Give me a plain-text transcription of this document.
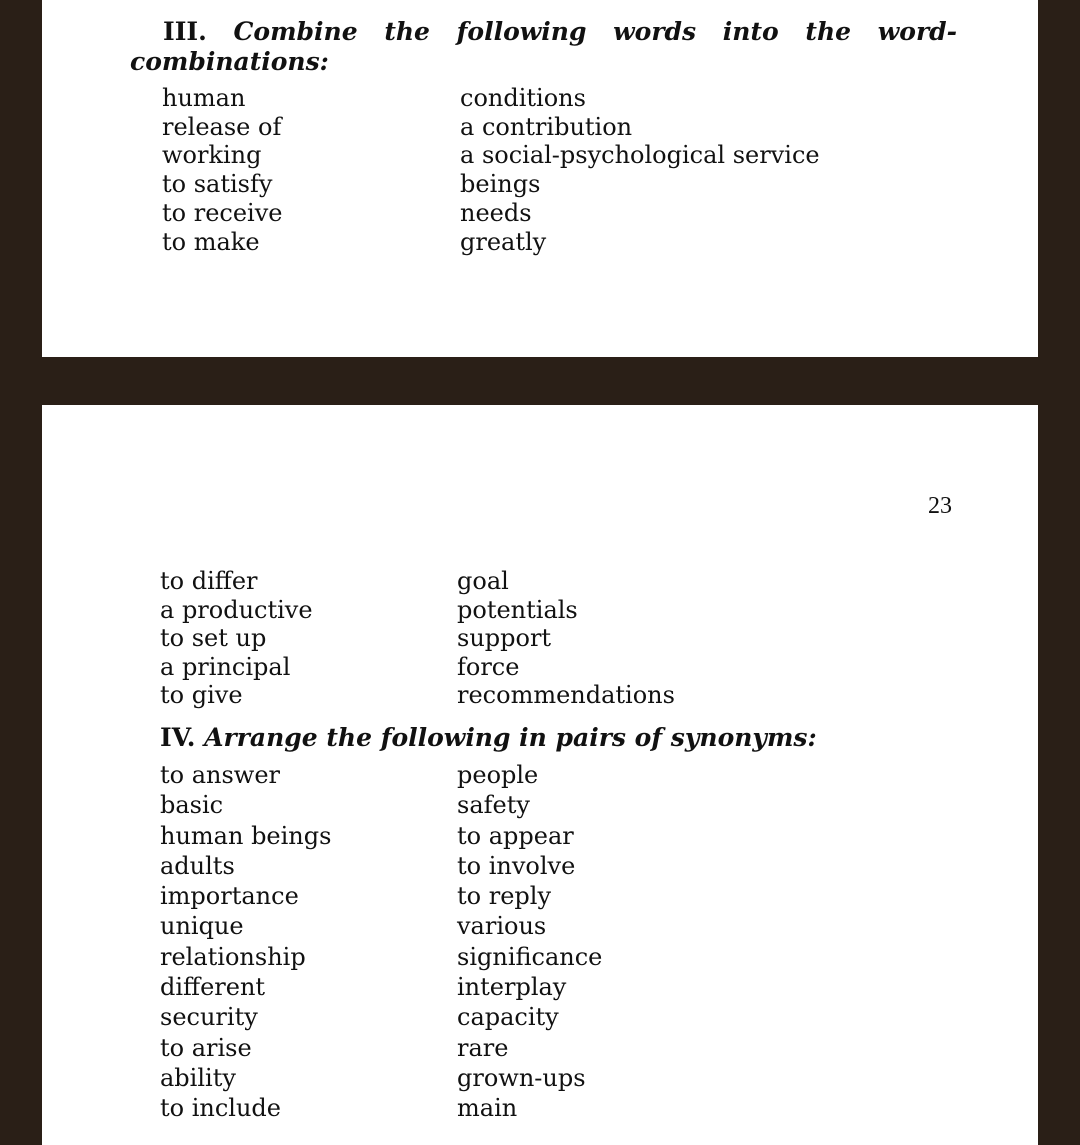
III. Combine the following words into the word-
combinations:
human
release of
working
to satisfy
to receive
to make
conditions
a contribution
a social-psychological service
beings
needs
greatly
23
to differ
a productive
to set up
a principal
to give
goal
potentials
support
force
recommendations
IV. Arrange the following in pairs of synonyms:
to answer
basic
human beings
adults
importance
unique
relationship
different
security
to arise
ability
to include
people
safety
to appear
to involve
to reply
various
significance
interplay
capacity
rare
grown-ups
main
